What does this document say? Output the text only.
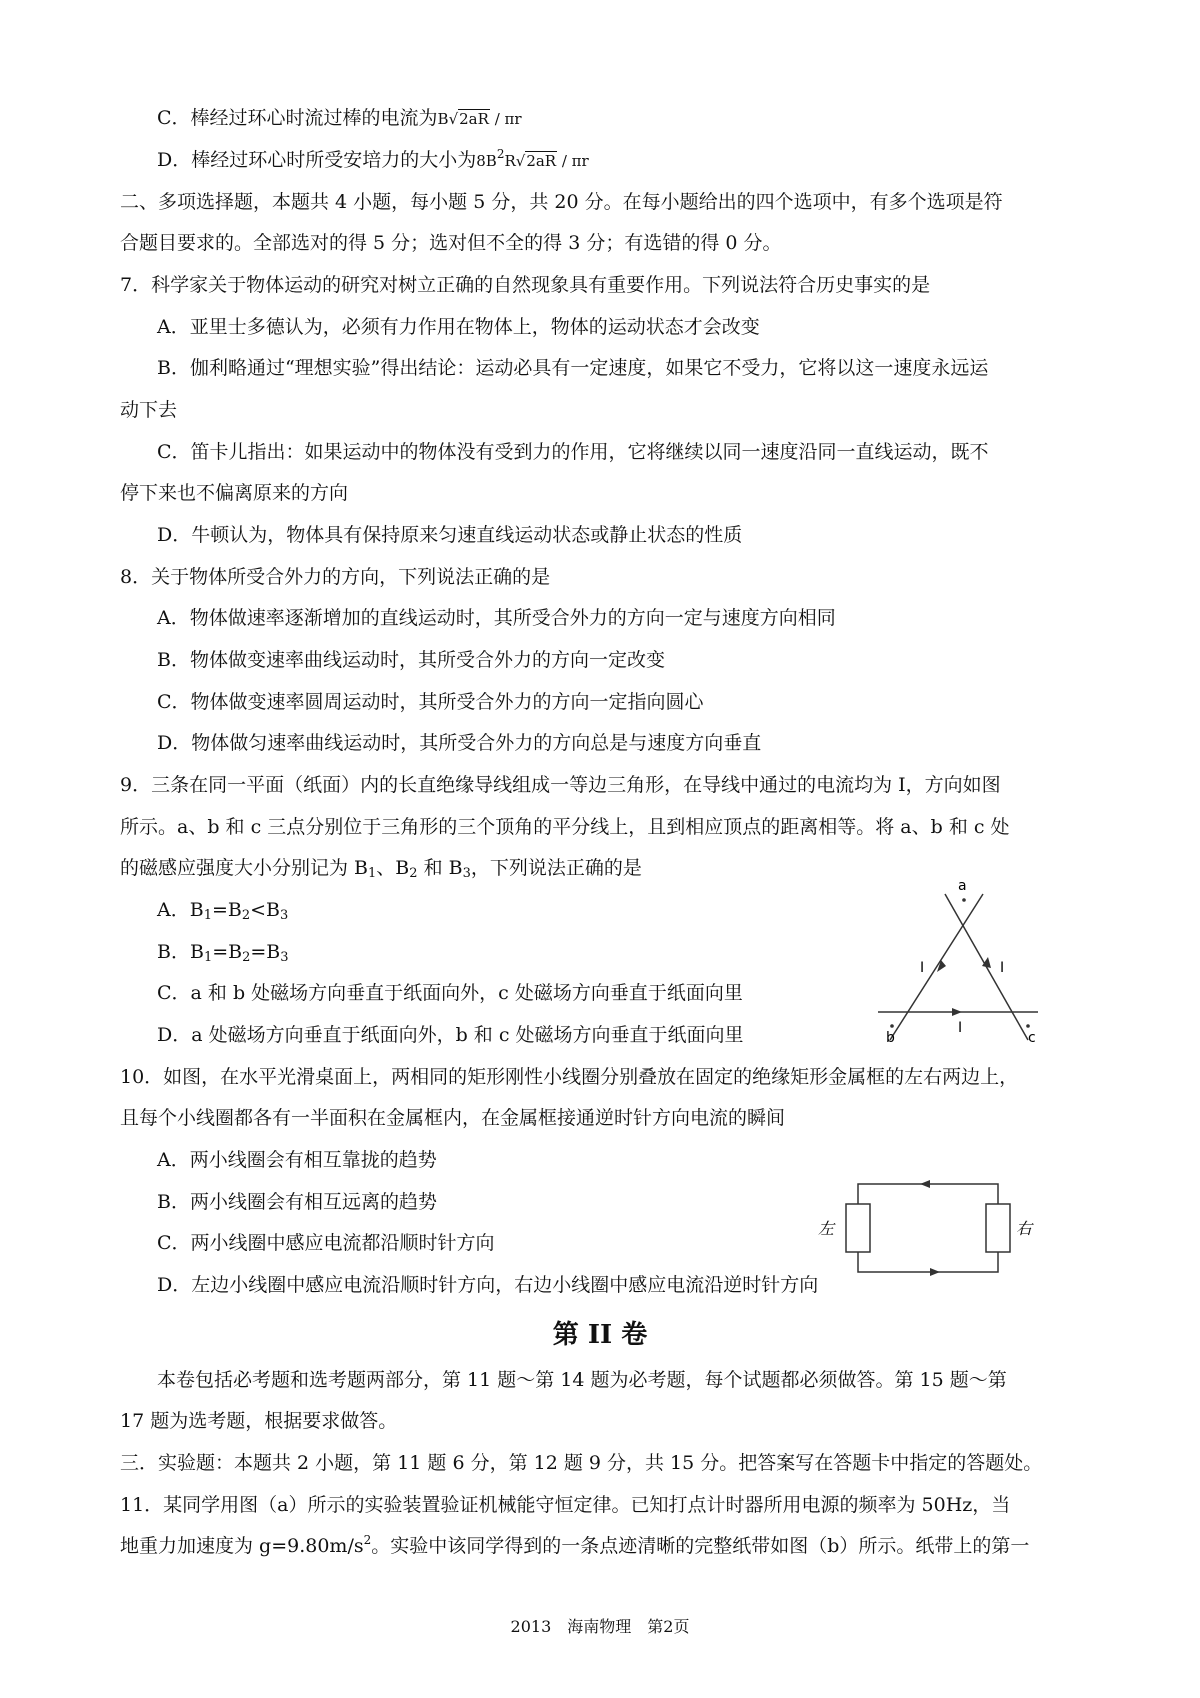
C．棒经过环心时流过棒的电流为B√2aR / πr
D．棒经过环心时所受安培力的大小为$8B^2R√2aR$ / πr
二、多项选择题，本题共 4 小题，每小题 5 分，共 20 分。在每小题给出的四个选项中，有多个选项是符
合题目要求的。全部选对的得 5 分；选对但不全的得 3 分；有选错的得 0 分。
7．科学家关于物体运动的研究对树立正确的自然现象具有重要作用。下列说法符合历史事实的是
A．亚里士多德认为，必须有力作用在物体上，物体的运动状态才会改变
B．伽利略通过“理想实验”得出结论：运动必具有一定速度，如果它不受力，它将以这一速度永远运
动下去
C．笛卡儿指出：如果运动中的物体没有受到力的作用，它将继续以同一速度沿同一直线运动，既不
停下来也不偏离原来的方向
D．牛顿认为，物体具有保持原来匀速直线运动状态或静止状态的性质
8．关于物体所受合外力的方向，下列说法正确的是
A．物体做速率逐渐增加的直线运动时，其所受合外力的方向一定与速度方向相同
B．物体做变速率曲线运动时，其所受合外力的方向一定改变
C．物体做变速率圆周运动时，其所受合外力的方向一定指向圆心
D．物体做匀速率曲线运动时，其所受合外力的方向总是与速度方向垂直
9．三条在同一平面（纸面）内的长直绝缘导线组成一等边三角形，在导线中通过的电流均为 I，方向如图
所示。a、b 和 c 三点分别位于三角形的三个顶角的平分线上，且到相应顶点的距离相等。将 a、b 和 c 处
的磁感应强度大小分别记为 $B_1$、$B_2$ 和 $B_3$，下列说法正确的是
A．$B_1=B_2<B_3$
B．$B_1=B_2=B_3$
C．a 和 b 处磁场方向垂直于纸面向外，c 处磁场方向垂直于纸面向里
D．a 处磁场方向垂直于纸面向外，b 和 c 处磁场方向垂直于纸面向里
a
b	c
I	I
I
10．如图，在水平光滑桌面上，两相同的矩形刚性小线圈分别叠放在固定的绝缘矩形金属框的左右两边上，
且每个小线圈都各有一半面积在金属框内，在金属框接通逆时针方向电流的瞬间
A．两小线圈会有相互靠拢的趋势
B．两小线圈会有相互远离的趋势
C．两小线圈中感应电流都沿顺时针方向
D．左边小线圈中感应电流沿顺时针方向，右边小线圈中感应电流沿逆时针方向
左	右
第 II 卷
本卷包括必考题和选考题两部分，第 11 题～第 14 题为必考题，每个试题都必须做答。第 15 题～第
17 题为选考题，根据要求做答。
三．实验题：本题共 2 小题，第 11 题 6 分，第 12 题 9 分，共 15 分。把答案写在答题卡中指定的答题处。
11．某同学用图（a）所示的实验装置验证机械能守恒定律。已知打点计时器所用电源的频率为 50Hz，当
地重力加速度为 $g=9.80m/s^2$。实验中该同学得到的一条点迹清晰的完整纸带如图（b）所示。纸带上的第一
2013　海南物理　第2页
